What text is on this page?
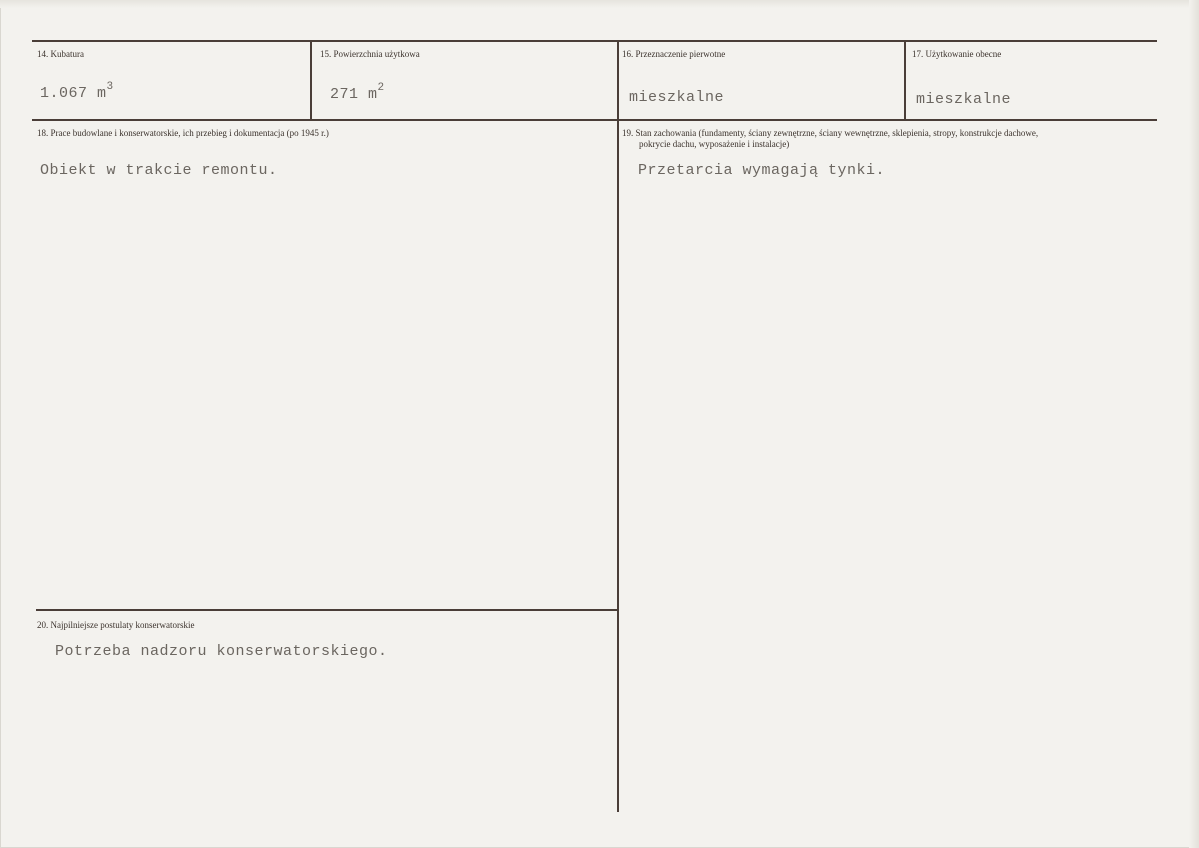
14. Kubatura
1.067 $m^3$
15. Powierzchnia użytkowa
271 $m^2$
16. Przeznaczenie pierwotne
mieszkalne
17. Użytkowanie obecne
mieszkalne
18. Prace budowlane i konserwatorskie, ich przebieg i dokumentacja (po 1945 r.)
Obiekt w trakcie remontu.
19. Stan zachowania (fundamenty, ściany zewnętrzne, ściany wewnętrzne, sklepienia, stropy, konstrukcje dachowe,
pokrycie dachu, wyposażenie i instalacje)
Przetarcia wymagają tynki.
20. Najpilniejsze postulaty konserwatorskie
Potrzeba nadzoru konserwatorskiego.
